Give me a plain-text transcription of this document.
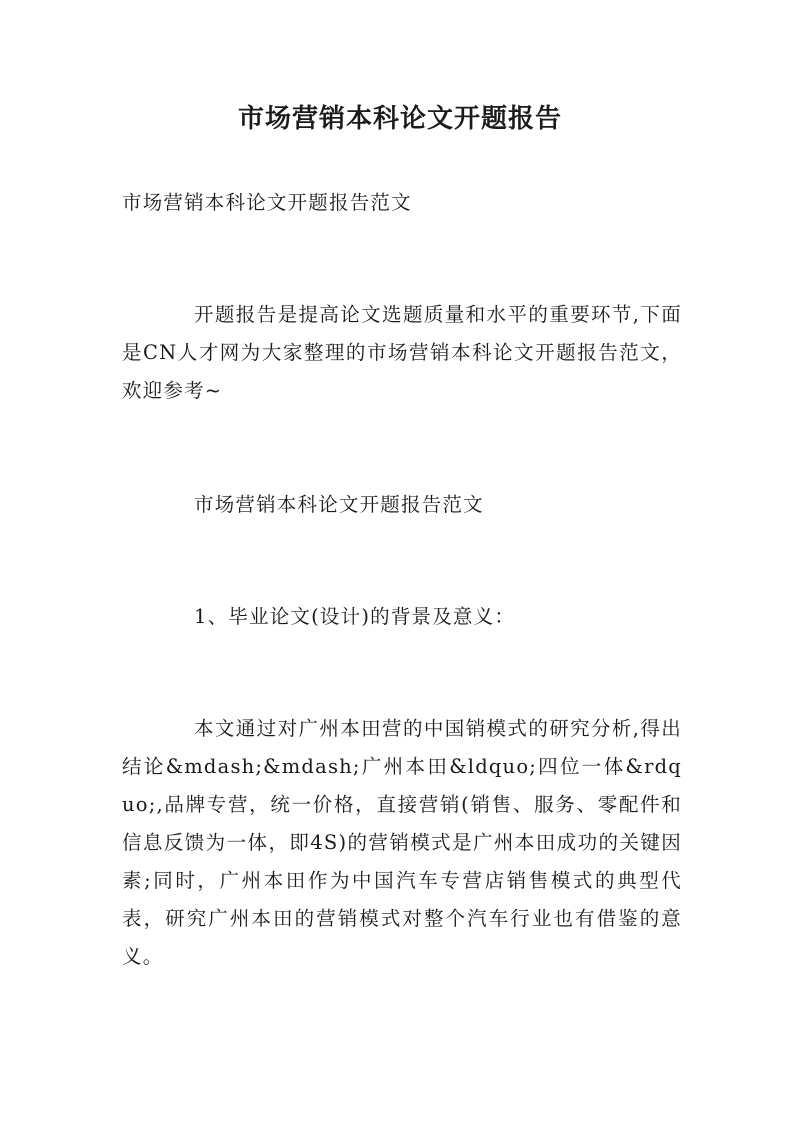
市场营销本科论文开题报告
市场营销本科论文开题报告范文
开题报告是提高论文选题质量和水平的重要环节,下面是CN人才网为大家整理的市场营销本科论文开题报告范文，欢迎参考~
市场营销本科论文开题报告范文
1、毕业论文(设计)的背景及意义：
本文通过对广州本田营的中国销模式的研究分析,得出结论&mdash;&mdash;广州本田&ldquo;四位一体&rdquo;,品牌专营，统一价格，直接营销(销售、服务、零配件和信息反馈为一体，即4S)的营销模式是广州本田成功的关键因素;同时，广州本田作为中国汽车专营店销售模式的典型代表，研究广州本田的营销模式对整个汽车行业也有借鉴的意义。
